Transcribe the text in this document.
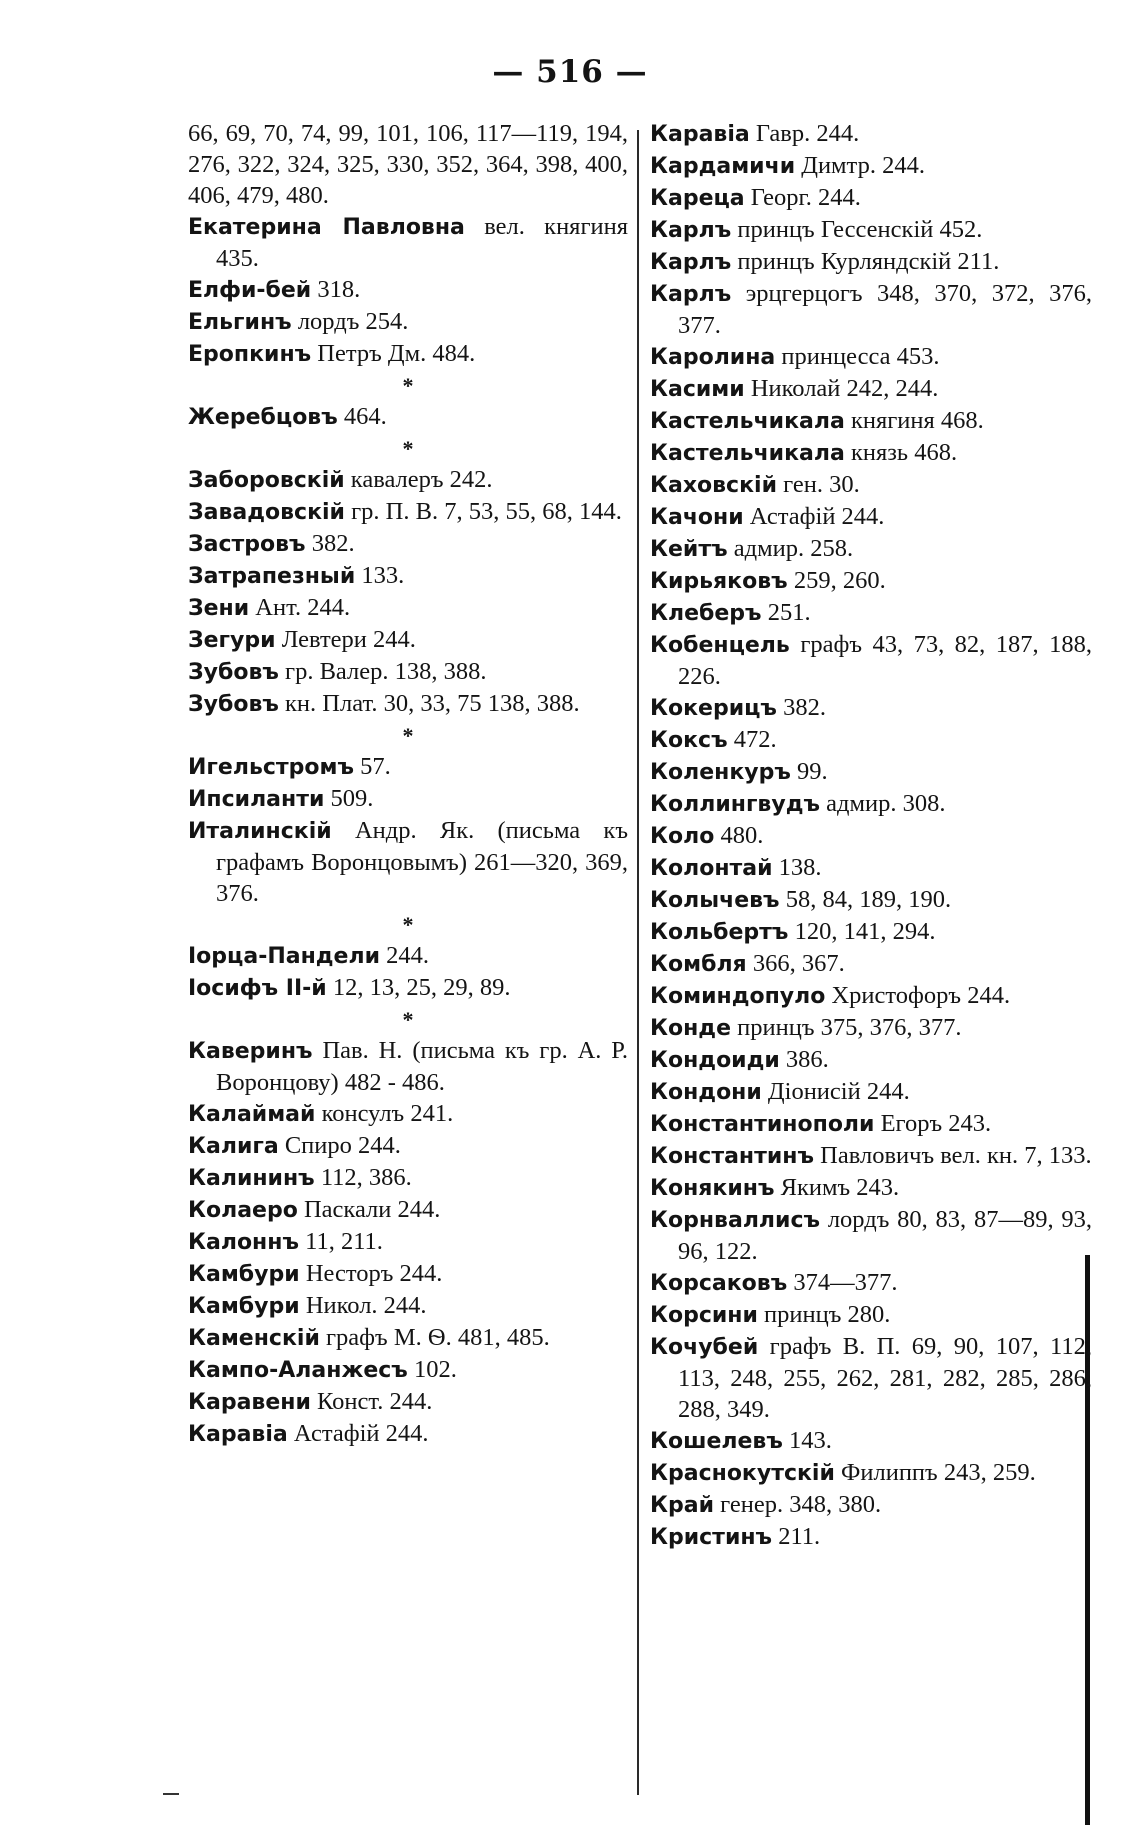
— 516 —
66, 69, 70, 74, 99, 101, 106, 117—119, 194, 276, 322, 324, 325, 330, 352, 364, 398, 400, 406, 479, 480.
Екатерина Павловна вел. княгиня 435.
Елфи-бей 318.
Ельгинъ лордъ 254.
Еропкинъ Петръ Дм. 484.
*
Жеребцовъ 464.
*
Заборовскій кавалеръ 242.
Завадовскій гр. П. В. 7, 53, 55, 68, 144.
Застровъ 382.
Затрапезный 133.
Зени Ант. 244.
Зегури Левтери 244.
Зубовъ гр. Валер. 138, 388.
Зубовъ кн. Плат. 30, 33, 75 138, 388.
*
Игельстромъ 57.
Ипсиланти 509.
Италинскій Андр. Як. (письма къ графамъ Воронцовымъ) 261—320, 369, 376.
*
Іорца-Пандели 244.
Іосифъ II-й 12, 13, 25, 29, 89.
*
Каверинъ Пав. Н. (письма къ гр. А. Р. Воронцову) 482 - 486.
Калаймай консулъ 241.
Калига Спиро 244.
Калининъ 112, 386.
Колаеро Паскали 244.
Калоннъ 11, 211.
Камбури Несторъ 244.
Камбури Никол. 244.
Каменскій графъ М. Ѳ. 481, 485.
Кампо-Аланжесъ 102.
Каравени Конст. 244.
Каравіа Астафій 244.
Каравіа Гавр. 244.
Кардамичи Димтр. 244.
Кареца Георг. 244.
Карлъ принцъ Гессенскій 452.
Карлъ принцъ Курляндскій 211.
Карлъ эрцгерцогъ 348, 370, 372, 376, 377.
Каролина принцесса 453.
Касими Николай 242, 244.
Кастельчикала княгиня 468.
Кастельчикала князь 468.
Каховскій ген. 30.
Качони Астафій 244.
Кейтъ адмир. 258.
Кирьяковъ 259, 260.
Клеберъ 251.
Кобенцель графъ 43, 73, 82, 187, 188, 226.
Кокерицъ 382.
Коксъ 472.
Коленкуръ 99.
Коллингвудъ адмир. 308.
Коло 480.
Колонтай 138.
Колычевъ 58, 84, 189, 190.
Кольбертъ 120, 141, 294.
Комбля 366, 367.
Коминдопуло Христофоръ 244.
Конде принцъ 375, 376, 377.
Кондоиди 386.
Кондони Діонисій 244.
Константинополи Егоръ 243.
Константинъ Павловичъ вел. кн. 7, 133.
Конякинъ Якимъ 243.
Корнваллисъ лордъ 80, 83, 87—89, 93, 96, 122.
Корсаковъ 374—377.
Корсини принцъ 280.
Кочубей графъ В. П. 69, 90, 107, 112, 113, 248, 255, 262, 281, 282, 285, 286, 288, 349.
Кошелевъ 143.
Краснокутскій Филиппъ 243, 259.
Край генер. 348, 380.
Кристинъ 211.
